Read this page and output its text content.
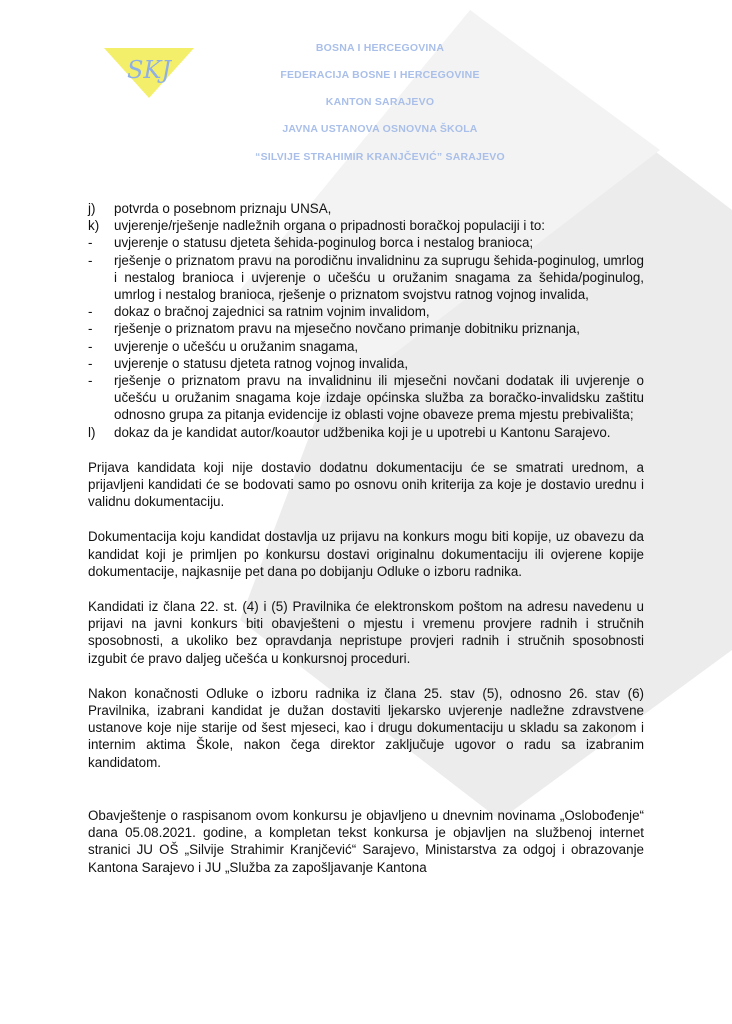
SKJ
BOSNA I HERCEGOVINA
FEDERACIJA BOSNE I HERCEGOVINE
KANTON SARAJEVO
JAVNA USTANOVA OSNOVNA ŠKOLA
“SILVIJE STRAHIMIR KRANJČEVIĆ” SARAJEVO
j)	potvrda o posebnom priznaju UNSA,
k)	uvjerenje/rješenje nadležnih organa o pripadnosti boračkoj populaciji i to:
-	uvjerenje o statusu djeteta šehida-poginulog borca i nestalog branioca;
-	rješenje o priznatom pravu na porodičnu invalidninu za suprugu šehida-poginulog, umrlog i nestalog branioca i uvjerenje o učešću u oružanim snagama za šehida/poginulog, umrlog i nestalog branioca, rješenje o priznatom svojstvu ratnog vojnog invalida,
-	dokaz o bračnoj zajednici sa ratnim vojnim invalidom,
-	rješenje o priznatom pravu na mjesečno novčano primanje dobitniku priznanja,
-	uvjerenje o učešću u oružanim snagama,
-	uvjerenje o statusu djeteta ratnog vojnog invalida,
-	rješenje o priznatom pravu na invalidninu ili mjesečni novčani dodatak ili uvjerenje o učešću u oružanim snagama koje izdaje općinska služba za boračko-invalidsku zaštitu odnosno grupa za pitanja evidencije iz oblasti vojne obaveze prema mjestu prebivališta;
l)	dokaz da je kandidat autor/koautor udžbenika koji je u upotrebi u Kantonu Sarajevo.

Prijava kandidata koji nije dostavio dodatnu dokumentaciju će se smatrati urednom, a prijavljeni kandidati će se bodovati samo po osnovu onih kriterija za koje je dostavio urednu i validnu dokumentaciju.

Dokumentacija koju kandidat dostavlja uz prijavu na konkurs mogu biti kopije, uz obavezu da kandidat koji je primljen po konkursu dostavi originalnu dokumentaciju ili ovjerene kopije dokumentacije, najkasnije pet dana po dobijanju Odluke o izboru radnika.

Kandidati iz člana 22. st. (4) i (5) Pravilnika će elektronskom poštom na adresu navedenu u prijavi na javni konkurs biti obavješteni o mjestu i vremenu provjere radnih i stručnih sposobnosti, a ukoliko bez opravdanja nepristupe provjeri radnih i stručnih sposobnosti izgubit će pravo daljeg učešća u konkursnoj proceduri.

Nakon konačnosti Odluke o izboru radnika iz člana 25. stav (5), odnosno 26. stav (6) Pravilnika, izabrani kandidat je dužan dostaviti ljekarsko uvjerenje nadležne zdravstvene ustanove koje nije starije od šest mjeseci, kao i drugu dokumentaciju u skladu sa zakonom i internim aktima Škole, nakon čega direktor zaključuje ugovor o radu sa izabranim kandidatom.

Obavještenje o raspisanom ovom konkursu je objavljeno u dnevnim novinama „Oslobođenje“ dana 05.08.2021. godine, a kompletan tekst konkursa je objavljen na službenoj internet stranici JU OŠ „Silvije Strahimir Kranjčević“ Sarajevo, Ministarstva za odgoj i obrazovanje Kantona Sarajevo i JU „Služba za zapošljavanje Kantona
